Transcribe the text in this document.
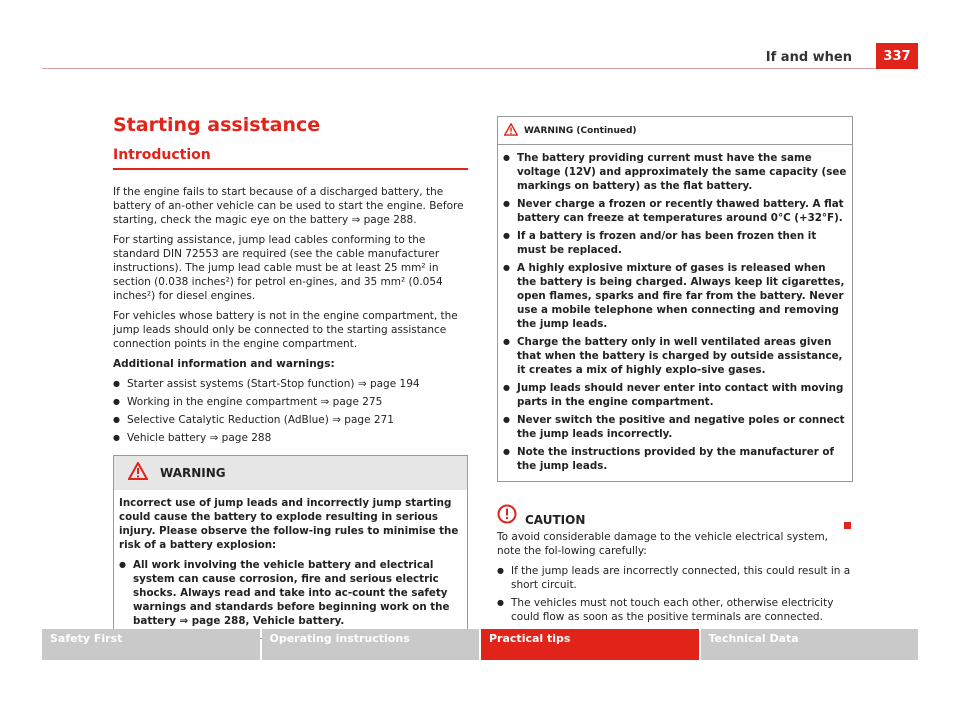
If and when	337
Starting assistance
Introduction

If the engine fails to start because of a discharged battery, the battery of an-other vehicle can be used to start the engine. Before starting, check the magic eye on the battery ⇒ page 288.

For starting assistance, jump lead cables conforming to the standard DIN 72553 are required (see the cable manufacturer instructions). The jump lead cable must be at least 25 mm² in section (0.038 inches²) for petrol en-gines, and 35 mm² (0.054 inches²) for diesel engines.

For vehicles whose battery is not in the engine compartment, the jump leads should only be connected to the starting assistance connection points in the engine compartment.

Additional information and warnings:

● Starter assist systems (Start-Stop function) ⇒ page 194
● Working in the engine compartment ⇒ page 275
● Selective Catalytic Reduction (AdBlue) ⇒ page 271
● Vehicle battery ⇒ page 288
WARNING

Incorrect use of jump leads and incorrectly jump starting could cause the battery to explode resulting in serious injury. Please observe the follow-ing rules to minimise the risk of a battery explosion:

● All work involving the vehicle battery and electrical system can cause corrosion, fire and serious electric shocks. Always read and take into ac-count the safety warnings and standards before beginning work on the battery ⇒ page 288, Vehicle battery.
WARNING (Continued)
● The battery providing current must have the same voltage (12V) and approximately the same capacity (see markings on battery) as the flat battery.
● Never charge a frozen or recently thawed battery. A flat battery can freeze at temperatures around 0°C (+32°F).
● If a battery is frozen and/or has been frozen then it must be replaced.
● A highly explosive mixture of gases is released when the battery is being charged. Always keep lit cigarettes, open flames, sparks and fire far from the battery. Never use a mobile telephone when connecting and removing the jump leads.
● Charge the battery only in well ventilated areas given that when the battery is charged by outside assistance, it creates a mix of highly explo-sive gases.
● Jump leads should never enter into contact with moving parts in the engine compartment.
● Never switch the positive and negative poles or connect the jump leads incorrectly.
● Note the instructions provided by the manufacturer of the jump leads.
CAUTION

To avoid considerable damage to the vehicle electrical system, note the fol-lowing carefully:

● If the jump leads are incorrectly connected, this could result in a short circuit.
● The vehicles must not touch each other, otherwise electricity could flow as soon as the positive terminals are connected.
Safety First	Operating instructions	Practical tips	Technical Data
